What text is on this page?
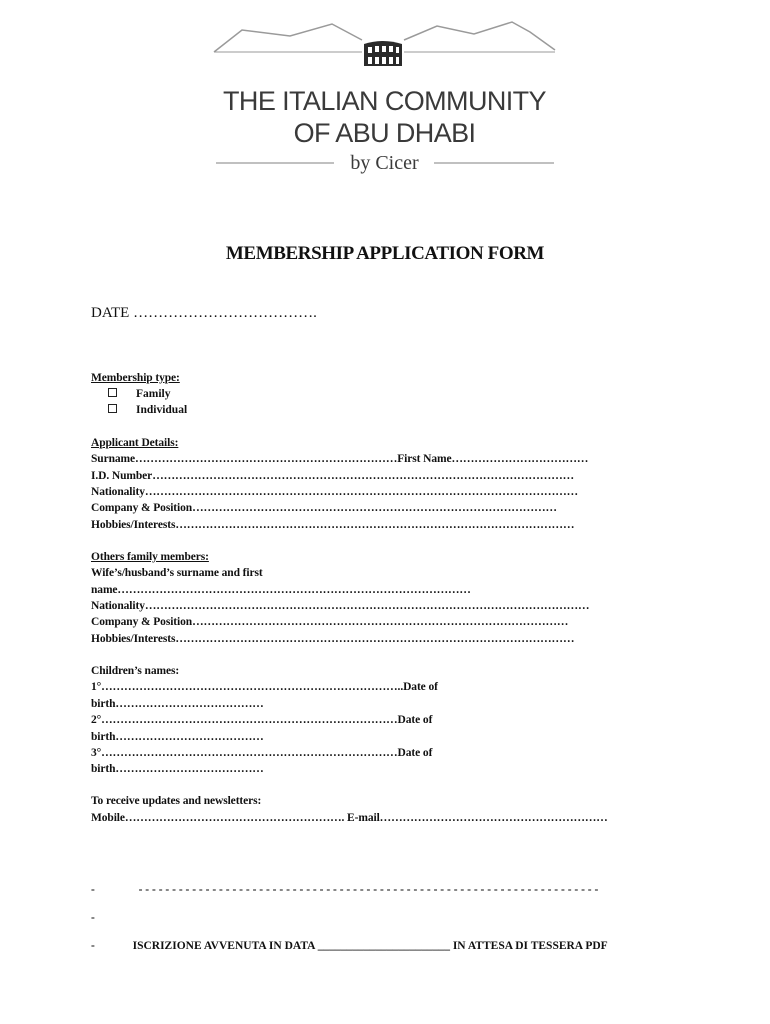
THE ITALIAN COMMUNITY
OF ABU DHABI
by Cicer
MEMBERSHIP APPLICATION FORM
DATE ……………………………….
Membership type:
Family
Individual
Applicant Details:
Surname……………………………………………………………First Name………………………………
I.D. Number…………………………………………………………………………………………………
Nationality……………………………………………………………………………………………………
Company & Position……………………………………………………………………………………
Hobbies/Interests……………………………………………………………………………………………
Others family members:
Wife’s/husband’s surname and first
name…………………………………………………………………………………
Nationality………………………………………………………………………………………………………
Company & Position………………………………………………………………………………………
Hobbies/Interests……………………………………………………………………………………………
Children’s names:
1°……………………………………………………………………..Date of
birth…………………………………
2°……………………………………………………………………Date of
birth…………………………………
3°……………………………………………………………………Date of
birth…………………………………
To receive updates and newsletters:
Mobile…………………………………………………. E-mail……………………………………………………
-	- - - - - - - - - - - - - - - - - - - - - - - - - - - - - - - - - - - - - - - - - - - - - - - - - - - - - - - - - - - - - - - - - - - - -
-
-	ISCRIZIONE AVVENUTA IN DATA _______________________ IN ATTESA DI TESSERA PDF
